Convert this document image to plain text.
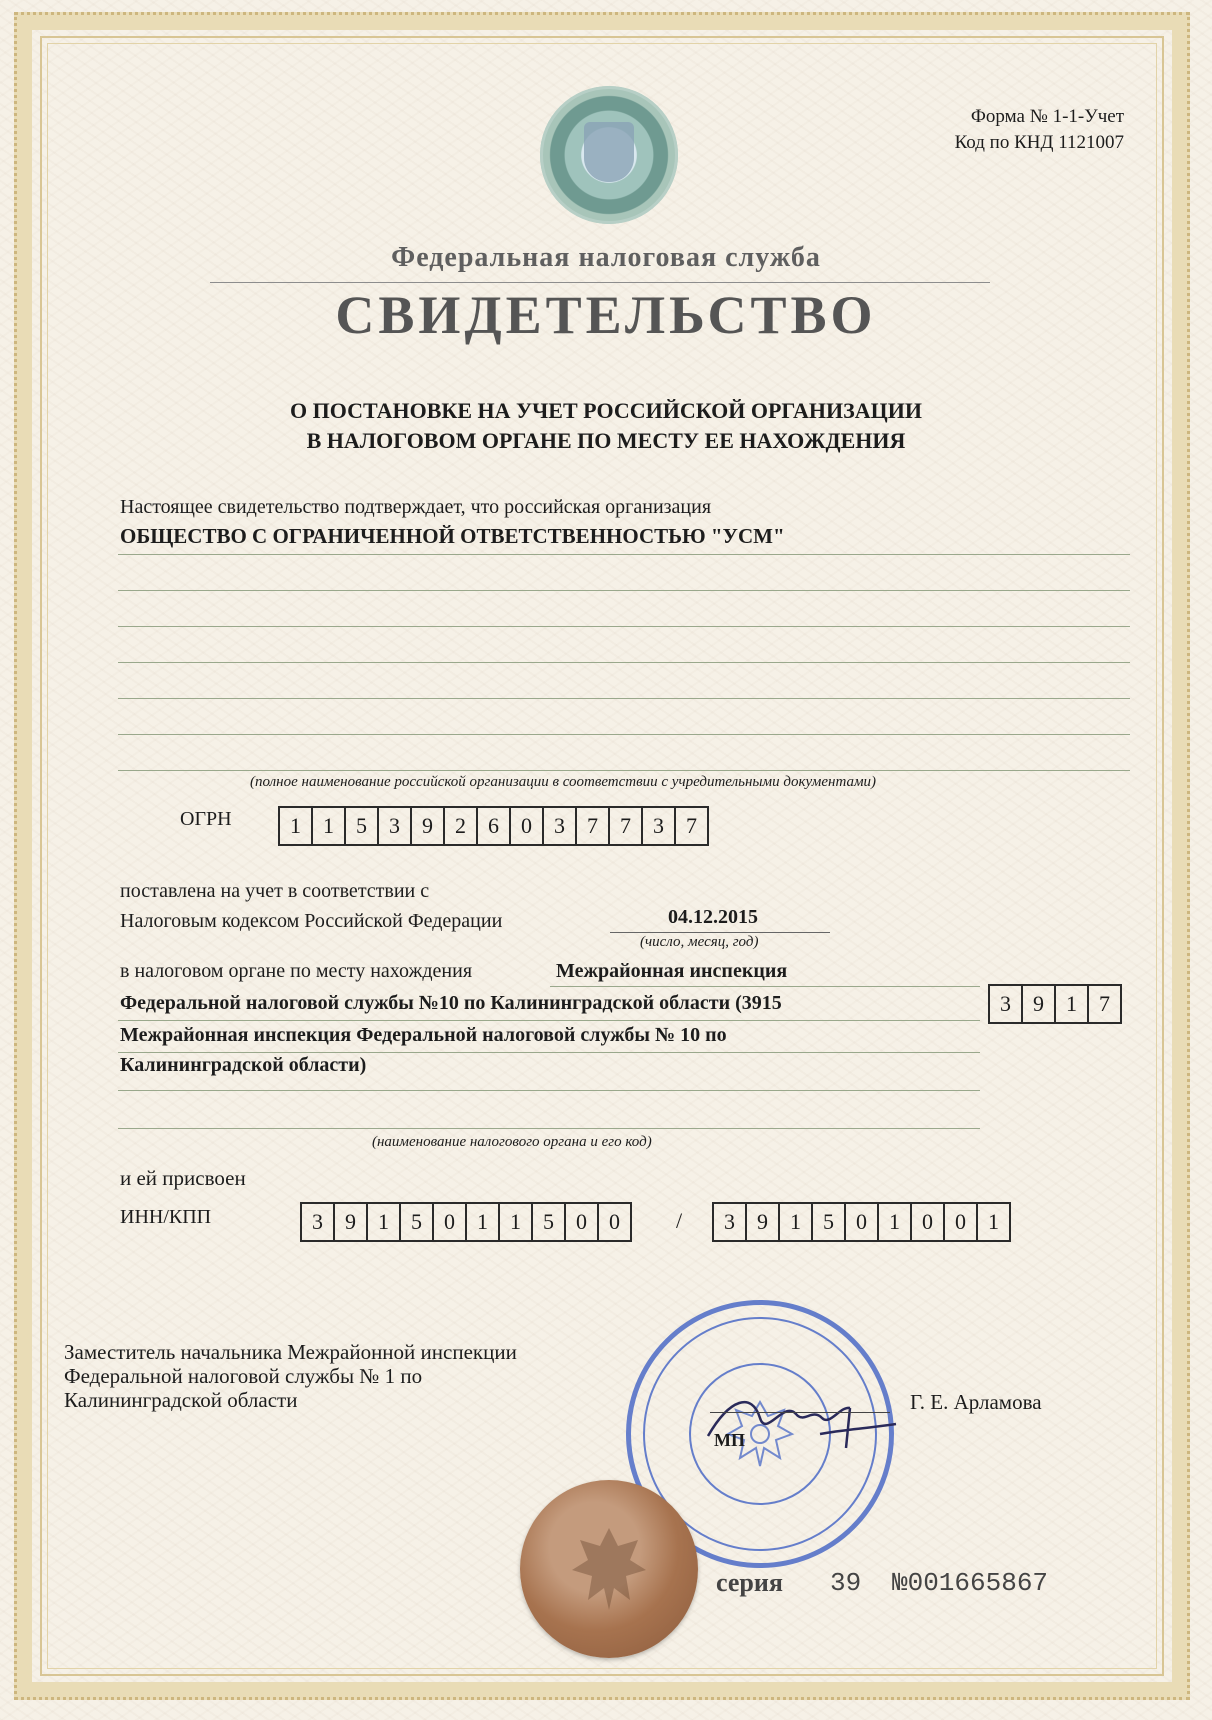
Форма № 1-1-Учет
Код по КНД 1121007
Федеральная налоговая служба
СВИДЕТЕЛЬСТВО
О ПОСТАНОВКЕ НА УЧЕТ РОССИЙСКОЙ ОРГАНИЗАЦИИ
В НАЛОГОВОМ ОРГАНЕ ПО МЕСТУ ЕЕ НАХОЖДЕНИЯ
Настоящее свидетельство подтверждает, что российская организация
ОБЩЕСТВО С ОГРАНИЧЕННОЙ ОТВЕТСТВЕННОСТЬЮ "УСМ"
(полное наименование российской организации в соответствии с учредительными документами)
ОГРН	1	1	5	3	9	2	6	0	3	7	7	3	7
поставлена на учет в соответствии с
Налоговым кодексом Российской Федерации	04.12.2015
(число, месяц, год)
в налоговом органе по месту нахождения	Межрайонная инспекция
Федеральной налоговой службы №10 по Калининградской области (3915	3	9	1	7
Межрайонная инспекция Федеральной налоговой службы № 10 по
Калининградской области)
(наименование налогового органа и его код)
и ей присвоен
ИНН/КПП	3	9	1	5	0	1	1	5	0	0	/	3	9	1	5	0	1	0	0	1
Заместитель начальника Межрайонной инспекции
Федеральной налоговой службы № 1 по
Калининградской области	Г. Е. Арламова
МП
серия 39 №001665867
